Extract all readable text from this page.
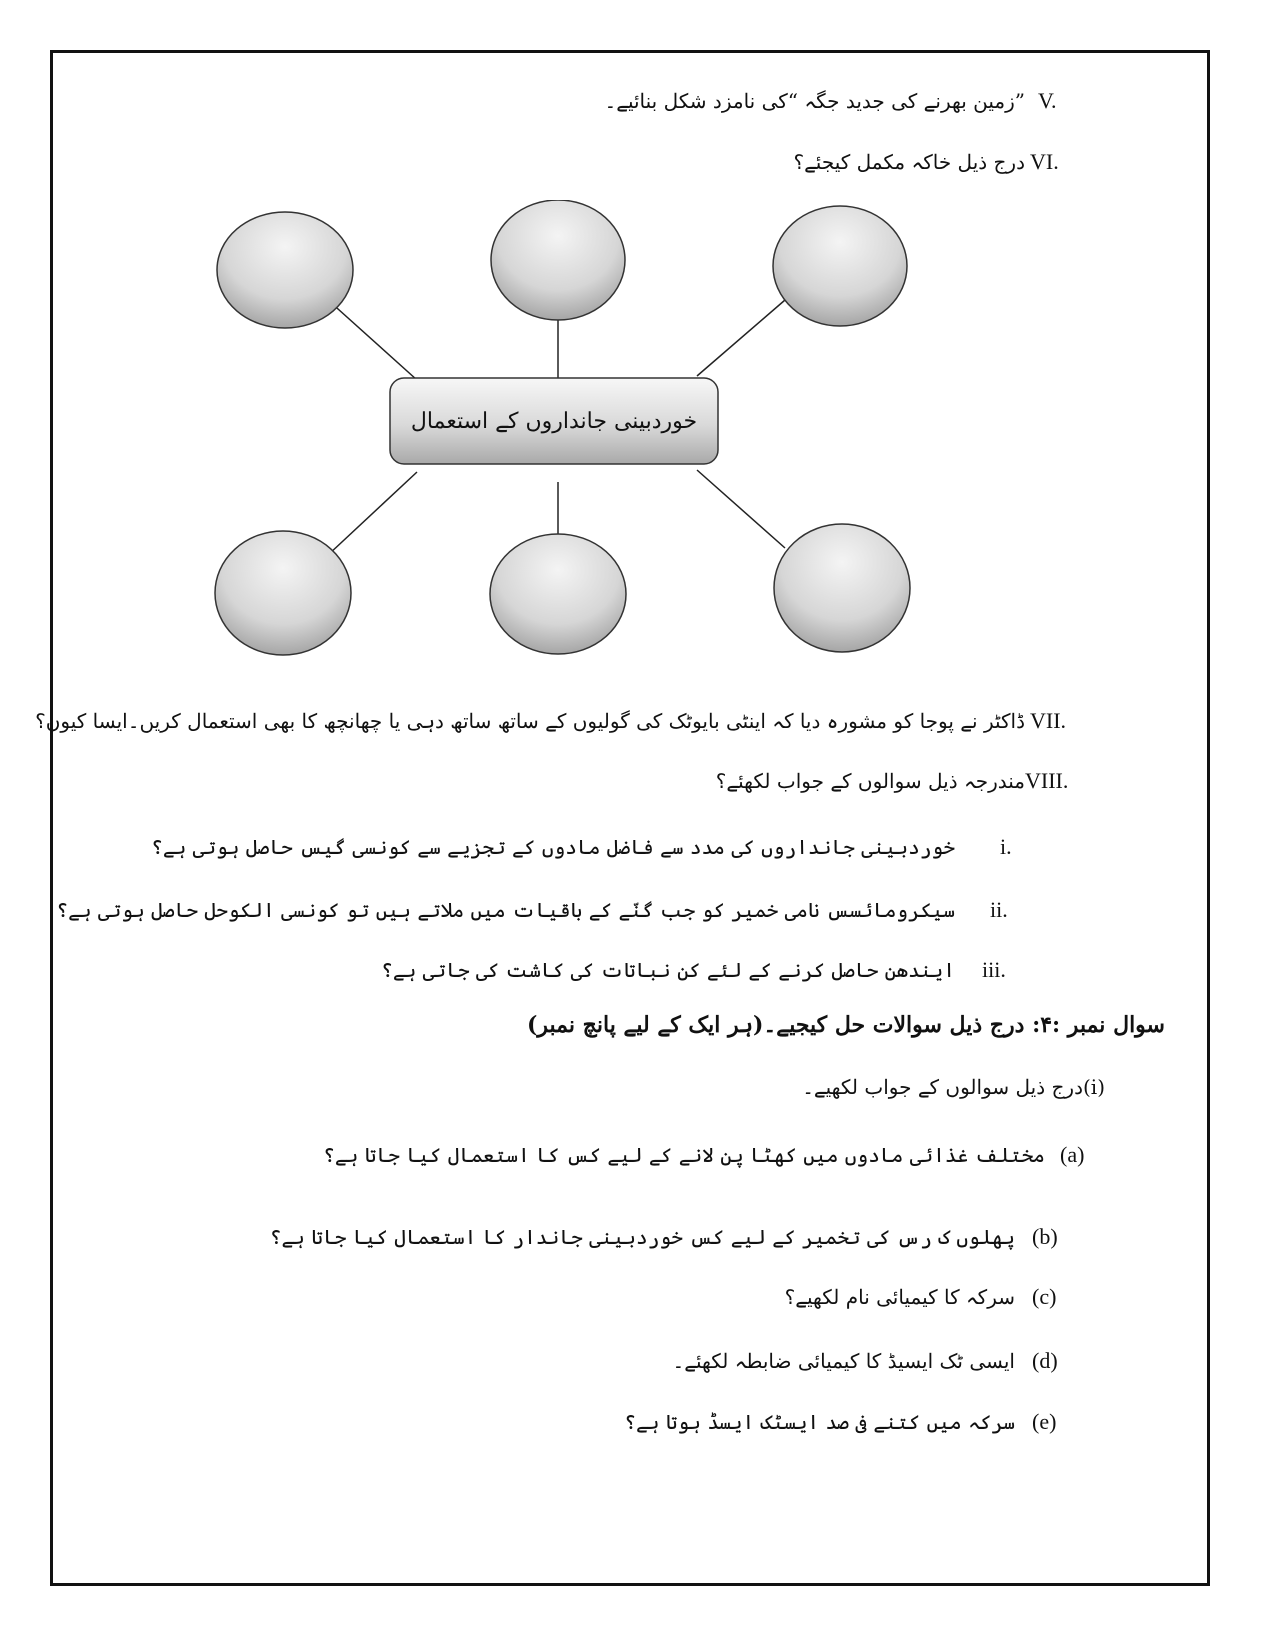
V.
”زمین بھرنے کی جدید جگہ “کی نامزد شکل بنائیے۔
VI.
درج ذیل خاکہ مکمل کیجئے؟
خوردبینی جانداروں کے استعمال
VII.
ڈاکٹر نے پوجا کو مشورہ دیا کہ اینٹی بایوٹک کی گولیوں کے ساتھ ساتھ دہی یا چھانچھ کا بھی استعمال کریں۔ایسا کیوں؟
VIII.
مندرجہ ذیل سوالوں کے جواب لکھئے؟
i.
خوردبینی جانداروں کی مدد سے فاضل مادوں کے تجزیے سے کونسی گیس حاصل ہوتی ہے؟
ii.
سیکرومائسس نامی خمیر کو جب گنّے کے باقیات میں ملاتے ہیں تو کونسی الکوحل حاصل ہوتی ہے؟
iii.
ایندھن حاصل کرنے کے لئے کن نباتات کی کاشت کی جاتی ہے؟
سوال نمبر :۴: درج ذیل سوالات حل کیجیے۔(ہر ایک کے لیے پانچ نمبر)
(i)درج ذیل سوالوں کے جواب لکھیے۔
(a)
مختلف غذائی مادوں میں کھٹا پن لانے کے لیے کس کا استعمال کیا جاتا ہے؟
(b)
پھلوں ک رس کی تخمیر کے لیے کس خوردبینی جاندار کا استعمال کیا جاتا ہے؟
(c)
سرکہ کا کیمیائی نام لکھیے؟
(d)
ایسی ٹک ایسیڈ کا کیمیائی ضابطہ لکھئے۔
(e)
سرکہ میں کتنے فی صد ایسٹک ایسڈ ہوتا ہے؟
